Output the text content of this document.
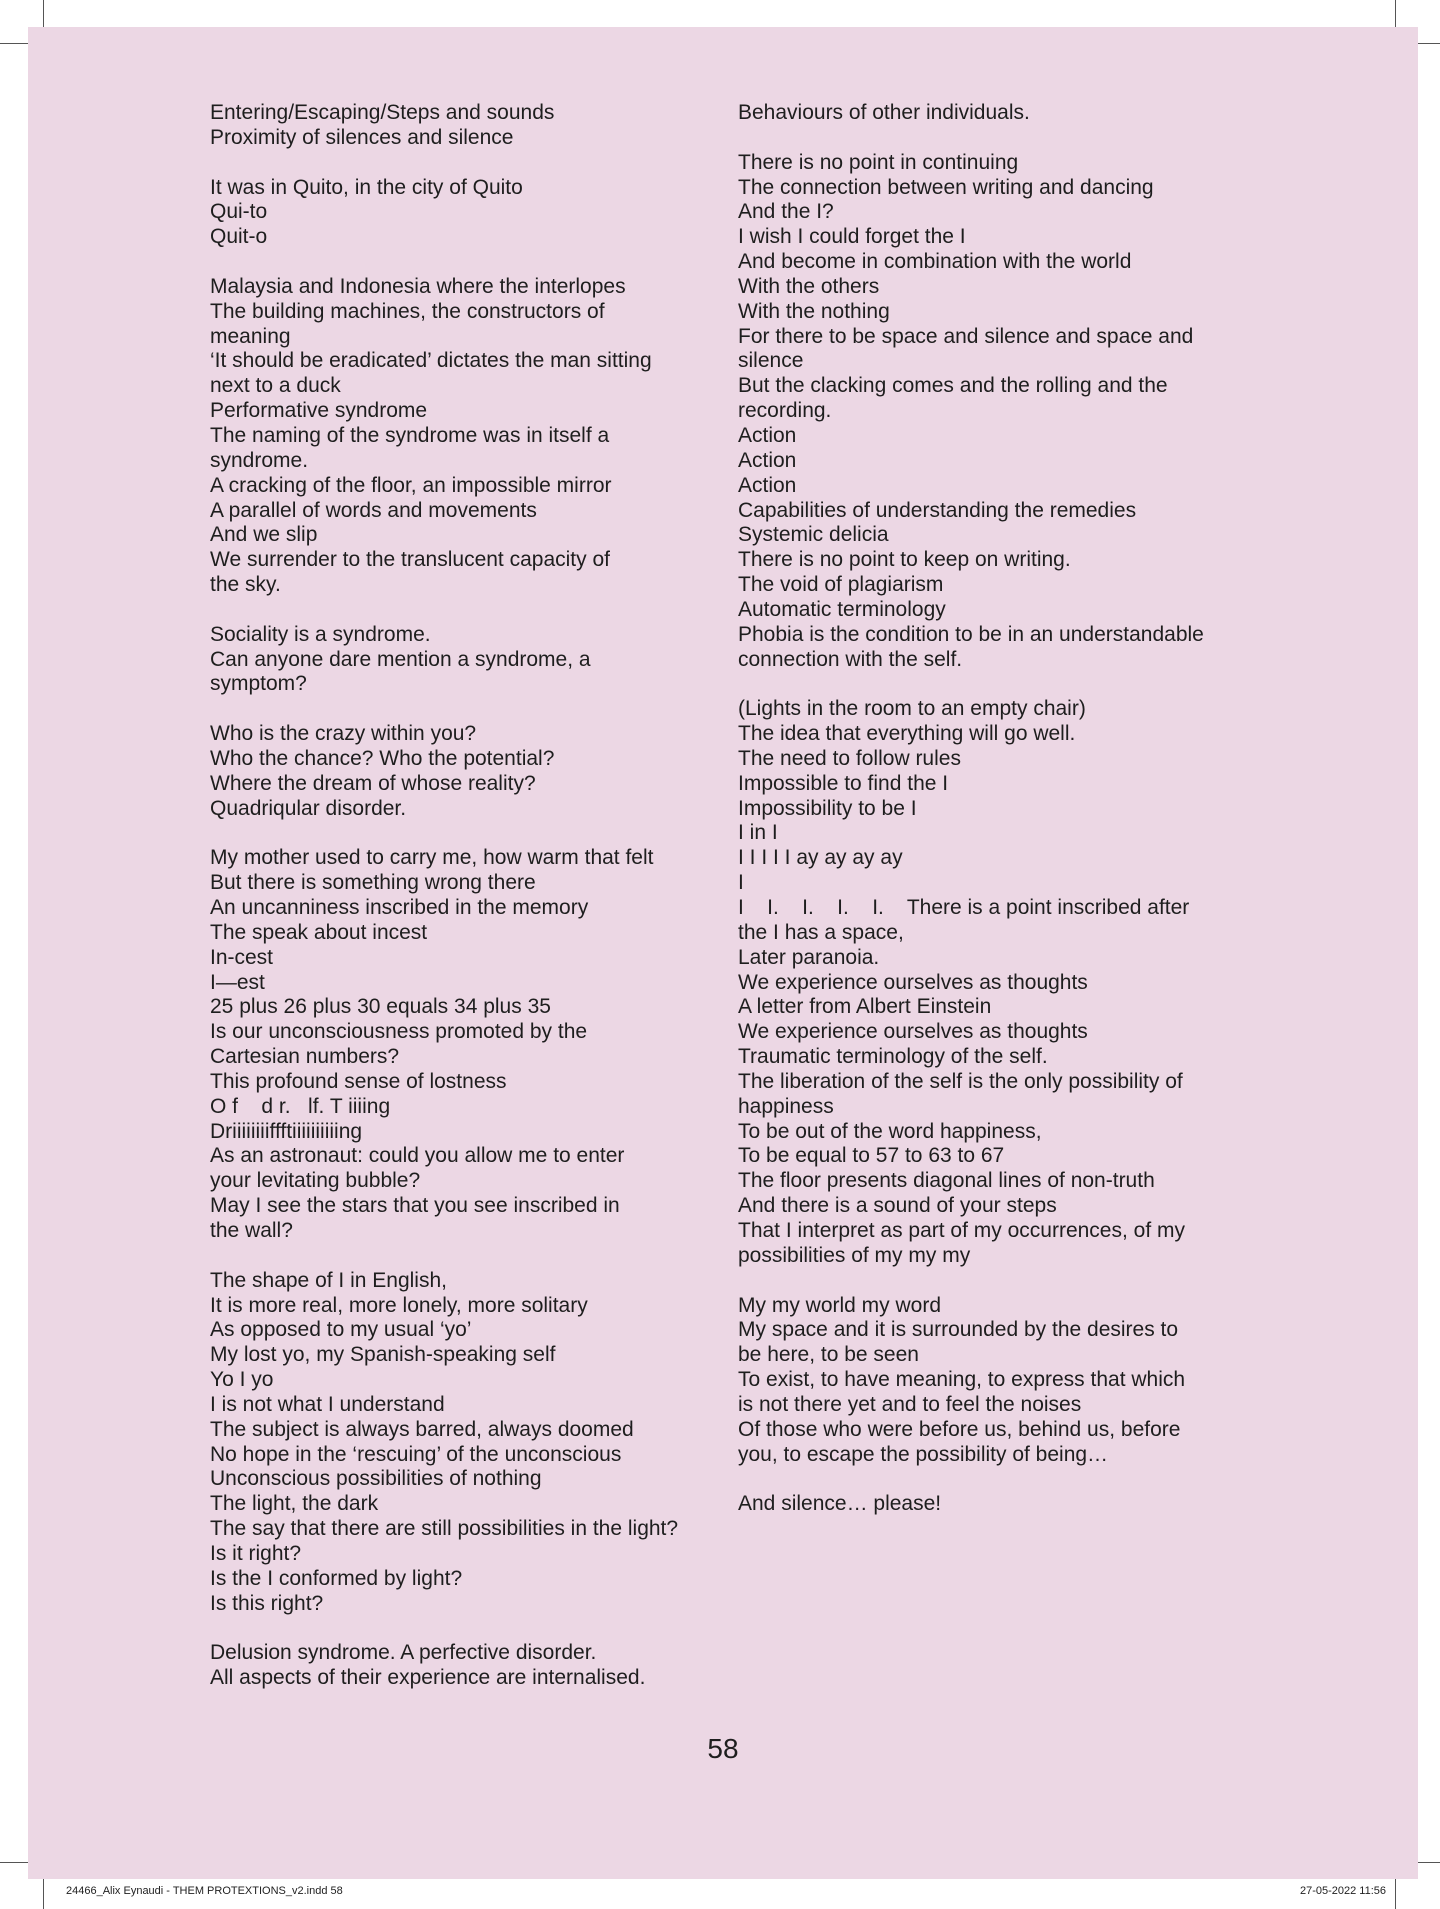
Entering/Escaping/Steps and sounds
Proximity of silences and silence
It was in Quito, in the city of Quito
Qui-to
Quit-o
Malaysia and Indonesia where the interlopes
The building machines, the constructors of
meaning
‘It should be eradicated’ dictates the man sitting
next to a duck
Performative syndrome
The naming of the syndrome was in itself a
syndrome.
A cracking of the floor, an impossible mirror
A parallel of words and movements
And we slip
We surrender to the translucent capacity of
the sky.
Sociality is a syndrome.
Can anyone dare mention a syndrome, a
symptom?
Who is the crazy within you?
Who the chance? Who the potential?
Where the dream of whose reality?
Quadriqular disorder.
My mother used to carry me, how warm that felt
But there is something wrong there
An uncanniness inscribed in the memory
The speak about incest
In-cest
I—est
25 plus 26 plus 30 equals 34 plus 35
Is our unconsciousness promoted by the
Cartesian numbers?
This profound sense of lostness
O f    d r.   lf. T iiiing
Driiiiiiiiffftiiiiiiiiiing
As an astronaut: could you allow me to enter
your levitating bubble?
May I see the stars that you see inscribed in
the wall?
The shape of I in English,
It is more real, more lonely, more solitary
As opposed to my usual ‘yo’
My lost yo, my Spanish-speaking self
Yo I yo
I is not what I understand
The subject is always barred, always doomed
No hope in the ‘rescuing’ of the unconscious
Unconscious possibilities of nothing
The light, the dark
The say that there are still possibilities in the light?
Is it right?
Is the I conformed by light?
Is this right?
Delusion syndrome. A perfective disorder.
All aspects of their experience are internalised.
Behaviours of other individuals.
There is no point in continuing
The connection between writing and dancing
And the I?
I wish I could forget the I
And become in combination with the world
With the others
With the nothing
For there to be space and silence and space and
silence
But the clacking comes and the rolling and the
recording.
Action
Action
Action
Capabilities of understanding the remedies
Systemic delicia
There is no point to keep on writing.
The void of plagiarism
Automatic terminology
Phobia is the condition to be in an understandable
connection with the self.
(Lights in the room to an empty chair)
The idea that everything will go well.
The need to follow rules
Impossible to find the I
Impossibility to be I
I in I
I I I I I ay ay ay ay
I
I    I.    I.    I.    I.    There is a point inscribed after
the I has a space,
Later paranoia.
We experience ourselves as thoughts
A letter from Albert Einstein
We experience ourselves as thoughts
Traumatic terminology of the self.
The liberation of the self is the only possibility of
happiness
To be out of the word happiness,
To be equal to 57 to 63 to 67
The floor presents diagonal lines of non-truth
And there is a sound of your steps
That I interpret as part of my occurrences, of my
possibilities of my my my
My my world my word
My space and it is surrounded by the desires to
be here, to be seen
To exist, to have meaning, to express that which
is not there yet and to feel the noises
Of those who were before us, behind us, before
you, to escape the possibility of being…
And silence… please!
58
24466_Alix Eynaudi - THEM PROTEXTIONS_v2.indd 58	27-05-2022 11:56
